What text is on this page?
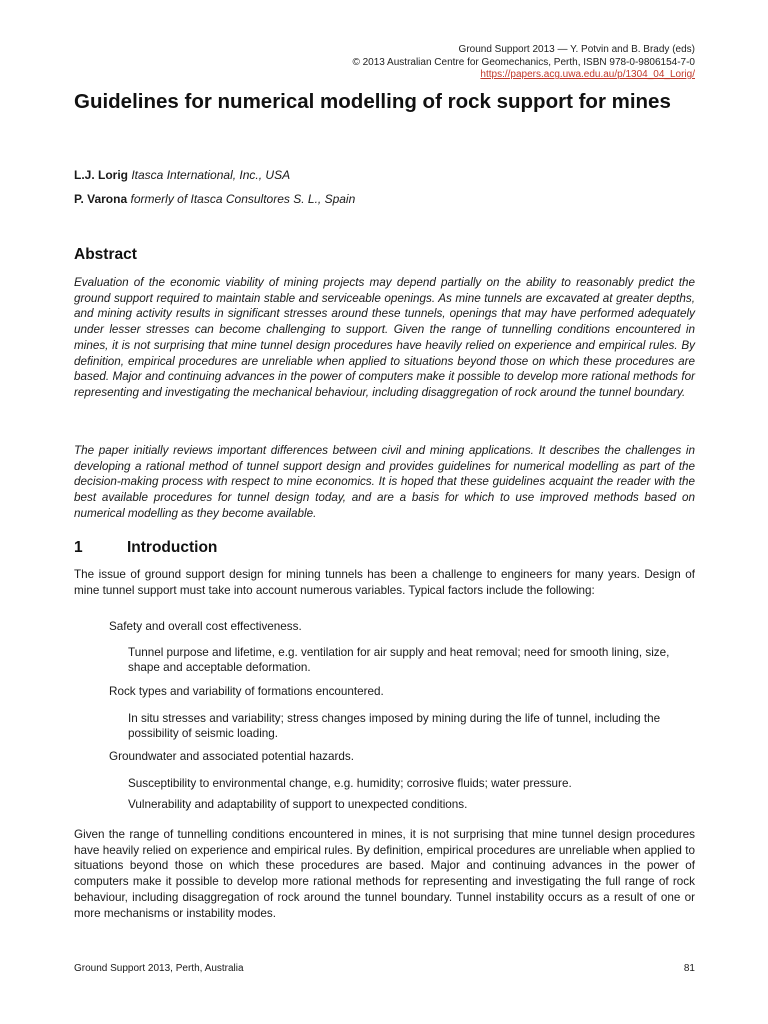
Ground Support 2013 — Y. Potvin and B. Brady (eds)
© 2013 Australian Centre for Geomechanics, Perth, ISBN 978-0-9806154-7-0
https://papers.acg.uwa.edu.au/p/1304_04_Lorig/
Guidelines for numerical modelling of rock support for mines
L.J. Lorig Itasca International, Inc., USA
P. Varona formerly of Itasca Consultores S. L., Spain
Abstract
Evaluation of the economic viability of mining projects may depend partially on the ability to reasonably predict the ground support required to maintain stable and serviceable openings. As mine tunnels are excavated at greater depths, and mining activity results in significant stresses around these tunnels, openings that may have performed adequately under lesser stresses can become challenging to support. Given the range of tunnelling conditions encountered in mines, it is not surprising that mine tunnel design procedures have heavily relied on experience and empirical rules. By definition, empirical procedures are unreliable when applied to situations beyond those on which these procedures are based. Major and continuing advances in the power of computers make it possible to develop more rational methods for representing and investigating the mechanical behaviour, including disaggregation of rock around the tunnel boundary.
The paper initially reviews important differences between civil and mining applications. It describes the challenges in developing a rational method of tunnel support design and provides guidelines for numerical modelling as part of the decision-making process with respect to mine economics. It is hoped that these guidelines acquaint the reader with the best available procedures for tunnel design today, and are a basis for which to use improved methods based on numerical modelling as they become available.
1	Introduction
The issue of ground support design for mining tunnels has been a challenge to engineers for many years. Design of mine tunnel support must take into account numerous variables. Typical factors include the following:
Safety and overall cost effectiveness.
Tunnel purpose and lifetime, e.g. ventilation for air supply and heat removal; need for smooth lining, size, shape and acceptable deformation.
Rock types and variability of formations encountered.
In situ stresses and variability; stress changes imposed by mining during the life of tunnel, including the possibility of seismic loading.
Groundwater and associated potential hazards.
Susceptibility to environmental change, e.g. humidity; corrosive fluids; water pressure.
Vulnerability and adaptability of support to unexpected conditions.
Given the range of tunnelling conditions encountered in mines, it is not surprising that mine tunnel design procedures have heavily relied on experience and empirical rules. By definition, empirical procedures are unreliable when applied to situations beyond those on which these procedures are based. Major and continuing advances in the power of computers make it possible to develop more rational methods for representing and investigating the full range of rock behaviour, including disaggregation of rock around the tunnel boundary. Tunnel instability occurs as a result of one or more mechanisms or instability modes.
Ground Support 2013, Perth, Australia	81
